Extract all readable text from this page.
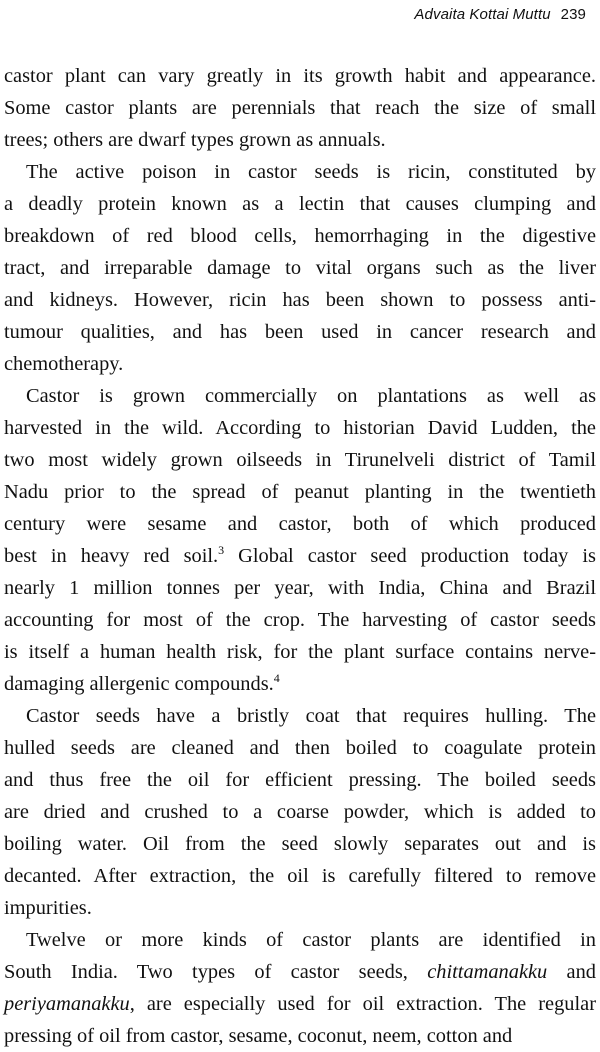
Advaita Kottai Muttu 239
castor plant can vary greatly in its growth habit and appearance.
Some castor plants are perennials that reach the size of small
trees; others are dwarf types grown as annuals.
The active poison in castor seeds is ricin, constituted by
a deadly protein known as a lectin that causes clumping and
breakdown of red blood cells, hemorrhaging in the digestive
tract, and irreparable damage to vital organs such as the liver
and kidneys. However, ricin has been shown to possess anti-
tumour qualities, and has been used in cancer research and
chemotherapy.
Castor is grown commercially on plantations as well as
harvested in the wild. According to historian David Ludden, the
two most widely grown oilseeds in Tirunelveli district of Tamil
Nadu prior to the spread of peanut planting in the twentieth
century were sesame and castor, both of which produced
best in heavy red soil.$^3$ Global castor seed production today is
nearly 1 million tonnes per year, with India, China and Brazil
accounting for most of the crop. The harvesting of castor seeds
is itself a human health risk, for the plant surface contains nerve-
damaging allergenic compounds.$^4$
Castor seeds have a bristly coat that requires hulling. The
hulled seeds are cleaned and then boiled to coagulate protein
and thus free the oil for efficient pressing. The boiled seeds
are dried and crushed to a coarse powder, which is added to
boiling water. Oil from the seed slowly separates out and is
decanted. After extraction, the oil is carefully filtered to remove
impurities.
Twelve or more kinds of castor plants are identified in
South India. Two types of castor seeds, chittamanakku and
periyamanakku, are especially used for oil extraction. The regular
pressing of oil from castor, sesame, coconut, neem, cotton and
